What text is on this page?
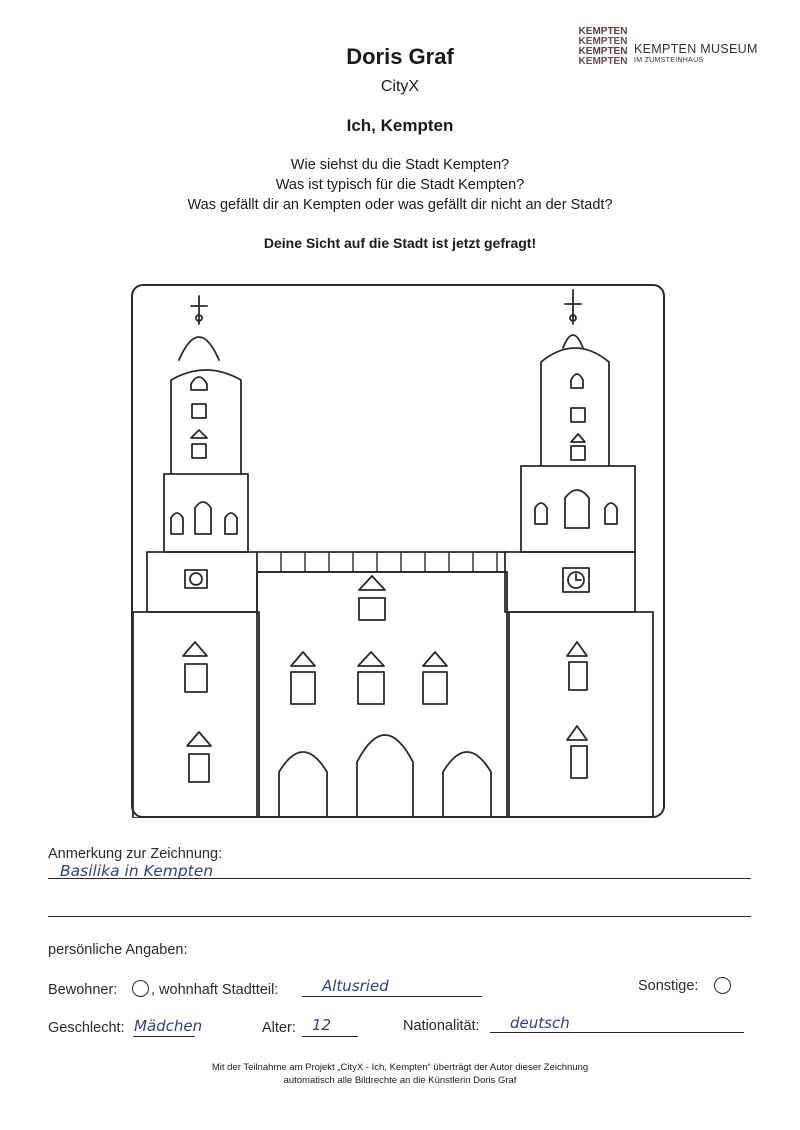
Doris Graf
CityX
Ich, Kempten
Wie siehst du die Stadt Kempten?
Was ist typisch für die Stadt Kempten?
Was gefällt dir an Kempten oder was gefällt dir nicht an der Stadt?
Deine Sicht auf die Stadt ist jetzt gefragt!
KEMPTEN
KEMPTEN
KEMPTEN
KEMPTEN
KEMPTEN MUSEUM
IM ZUMSTEINHAUS
Anmerkung zur Zeichnung:
Basilika in Kempten
persönliche Angaben:
Bewohner: , wohnhaft Stadtteil:	Altusried	Sonstige:
Geschlecht: Mädchen	Alter: 12	Nationalität: deutsch
Mit der Teilnahme am Projekt „CityX - Ich, Kempten“ überträgt der Autor dieser Zeichnung
automatisch alle Bildrechte an die Künstlerin Doris Graf
